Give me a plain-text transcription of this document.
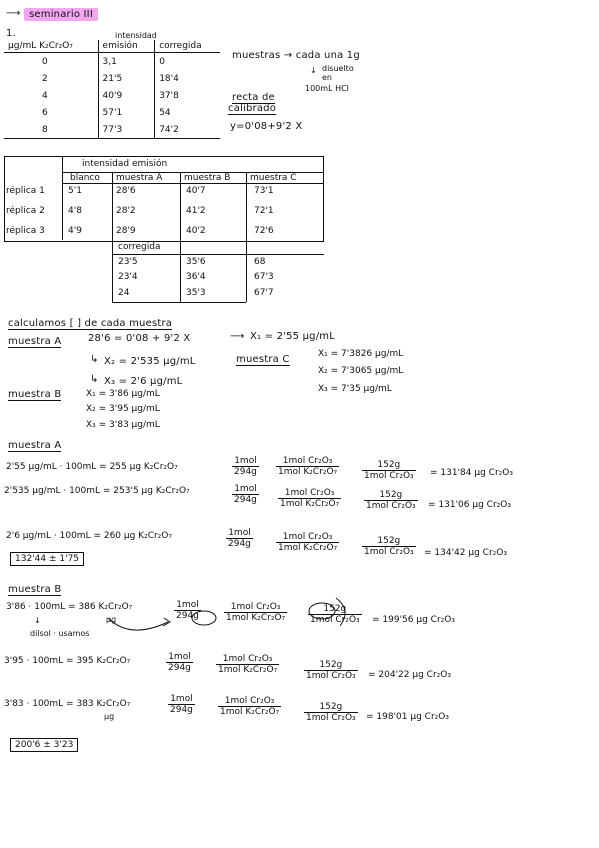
⟶ seminario III
1.	intensidad
μg/mL K₂Cr₂O₇	emisión	corregida
0	3,1	0
2	21'5	18'4
4	40'9	37'8
6	57'1	54
8	77'3	74'2
muestras → cada una 1g
disuelto
↓
en
100mL HCl
recta de
calibrado
y=0'08+9'2 X
intensidad emisión
blanco muestra A muestra B muestra C
réplica 1	5'1	28'6	40'7	73'1
réplica 2	4'8	28'2	41'2	72'1
réplica 3	4'9	28'9	40'2	72'6
corregida
23'5	35'6	68
23'4	36'4	67'3
24	35'3	67'7
calculamos [ ] de cada muestra
muestra A	28'6 = 0'08 + 9'2 X	⟶ X₁ = 2'55 μg/mL
↳ X₂ = 2'535 μg/mL
↳ X₃ = 2'6 μg/mL
muestra C	X₁ = 7'3826 μg/mL
X₂ = 7'3065 μg/mL
X₃ = 7'35 μg/mL
muestra B	X₁ = 3'86 μg/mL
X₂ = 3'95 μg/mL
X₃ = 3'83 μg/mL
muestra A
2'55 μg/mL · 100mL = 255 μg K₂Cr₂O₇
1mol
294g
1mol Cr₂O₃
1mol K₂Cr₂O₇
152g
1mol Cr₂O₃ = 131'84 μg Cr₂O₃
2'535 μg/mL · 100mL = 253'5 μg K₂Cr₂O₇	1mol
294g
1mol Cr₂O₃
1mol K₂Cr₂O₇
152g
1mol Cr₂O₃ = 131'06 μg Cr₂O₃
2'6 μg/mL · 100mL = 260 μg K₂Cr₂O₇	1mol
294g
1mol Cr₂O₃
1mol K₂Cr₂O₇
152g
1mol Cr₂O₃ = 134'42 μg Cr₂O₃
132'44 ± 1'75
muestra B
3'86 · 100mL = 386 K₂Cr₂O₇
μg
↓
dilsol · usamos
1mol
294g
1mol Cr₂O₃
1mol K₂Cr₂O₇
152g
1mol Cr₂O₃ = 199'56 μg Cr₂O₃
3'95 · 100mL = 395 K₂Cr₂O₇	1mol
294g
1mol Cr₂O₃
1mol K₂Cr₂O₇	152g
1mol Cr₂O₃ = 204'22 μg Cr₂O₃
3'83 · 100mL = 383 K₂Cr₂O₇
μg
1mol
294g
1mol Cr₂O₃
1mol K₂Cr₂O₇	152g
1mol Cr₂O₃ = 198'01 μg Cr₂O₃
200'6 ± 3'23
